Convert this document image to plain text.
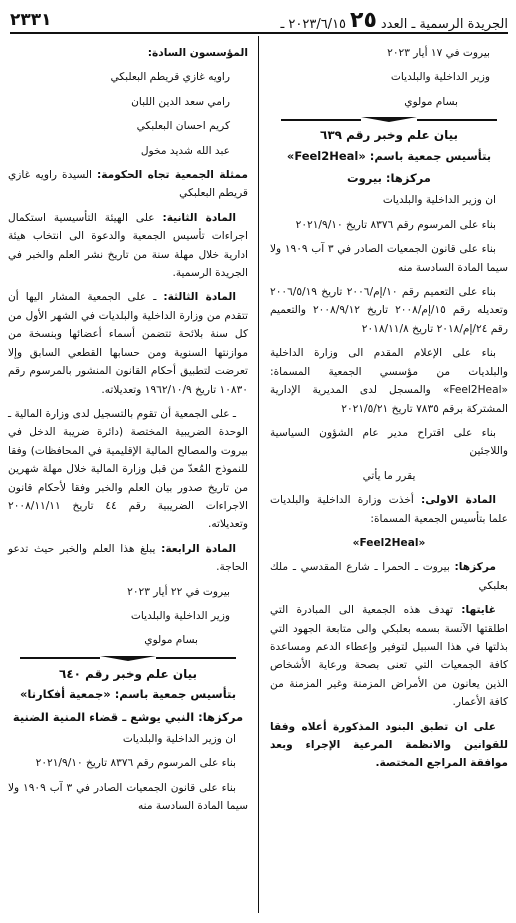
الجريدة الرسمية ـ العدد
٢٥
٢٠٢٣/٦/١٥ ـ
٢٣٣١

بيروت في ١٧ أيار ٢٠٢٣

وزير الداخلية والبلديات

بسام مولوي

بيان علم وخبر رقم ٦٣٩
بتأسيس جمعية باسم: «Feel2Heal»
مركزها: بيروت

ان وزير الداخلية والبلديات

بناء على المرسوم رقم ٨٣٧٦ تاريخ ٢٠٢١/٩/١٠

بناء على قانون الجمعيات الصادر في ٣ آب ١٩٠٩ ولا سيما المادة السادسة منه

بناء على التعميم رقم ١٠/إم/٢٠٠٦ تاريخ ٢٠٠٦/٥/١٩ وتعديله رقم ١٥/إم/٢٠٠٨ تاريخ ٢٠٠٨/٩/١٢ والتعميم رقم ٢٤/إم/٢٠١٨ تاريخ ٢٠١٨/١١/٨

بناء على الإعلام المقدم الى وزارة الداخلية والبلديات من مؤسسي الجمعية المسماة: «Feel2Heal» والمسجل لدى المديرية الإدارية المشتركة برقم ٧٨٣٥ تاريخ ٢٠٢١/٥/٢١

بناء على اقتراح مدير عام الشؤون السياسية واللاجئين

يقرر ما يأتي

المادة الاولى: أخذت وزارة الداخلية والبلديات علما بتأسيس الجمعية المسماة:

«Feel2Heal»

مركزها: بيروت ـ الحمرا ـ شارع المقدسي ـ ملك بعلبكي

غايتها: تهدف هذه الجمعية الى المبادرة التي اطلقتها الآنسة بسمه بعلبكي والى متابعة الجهود التي بذلتها في هذا السبيل لتوفير وإعطاء الدعم ومساعدة كافة الجمعيات التي تعنى بصحة ورعاية الأشخاص الذين يعانون من الأمراض المزمنة وغير المزمنة من كافة الأعمار.

على ان تطبق البنود المذكورة أعلاه وفقا للقوانين والانظمة المرعية الإجراء وبعد موافقة المراجع المختصة.

المؤسسون السادة:

راويه غازي قريطم البعلبكي

رامي سعد الدين اللبان

كريم احسان البعلبكي

عبد الله شديد مخول

ممثلة الجمعية تجاه الحكومة: السيدة راويه غازي قريطم البعلبكي

المادة الثانية: على الهيئة التأسيسية استكمال اجراءات تأسيس الجمعية والدعوة الى انتخاب هيئة ادارية خلال مهلة سنة من تاريخ نشر العلم والخبر في الجريدة الرسمية.

المادة الثالثة: ـ على الجمعية المشار اليها أن تتقدم من وزارة الداخلية والبلديات في الشهر الأول من كل سنة بلائحة تتضمن أسماء أعضائها وبنسخة من موازنتها السنوية ومن حسابها القطعي السابق وإلا تعرضت لتطبيق أحكام القانون المنشور بالمرسوم رقم ١٠٨٣٠ تاريخ ١٩٦٢/١٠/٩ وتعديلاته.

ـ على الجمعية أن تقوم بالتسجيل لدى وزارة المالية ـ الوحدة الضريبية المختصة (دائرة ضريبة الدخل في بيروت والمصالح المالية الإقليمية في المحافظات) وفقا للنموذج المُعدّ من قبل وزارة المالية خلال مهلة شهرين من تاريخ صدور بيان العلم والخبر وفقا لأحكام قانون الاجراءات الضريبية رقم ٤٤ تاريخ ٢٠٠٨/١١/١١ وتعديلاته.

المادة الرابعة: يبلغ هذا العلم والخبر حيث تدعو الحاجة.

بيروت في ٢٢ أيار ٢٠٢٣

وزير الداخلية والبلديات

بسام مولوي

بيان علم وخبر رقم ٦٤٠
بتأسيس جمعية باسم: «جمعية أفكارنا»
مركزها: النبي يوشع ـ قضاء المنية الضنية

ان وزير الداخلية والبلديات

بناء على المرسوم رقم ٨٣٧٦ تاريخ ٢٠٢١/٩/١٠

بناء على قانون الجمعيات الصادر في ٣ آب ١٩٠٩ ولا سيما المادة السادسة منه
